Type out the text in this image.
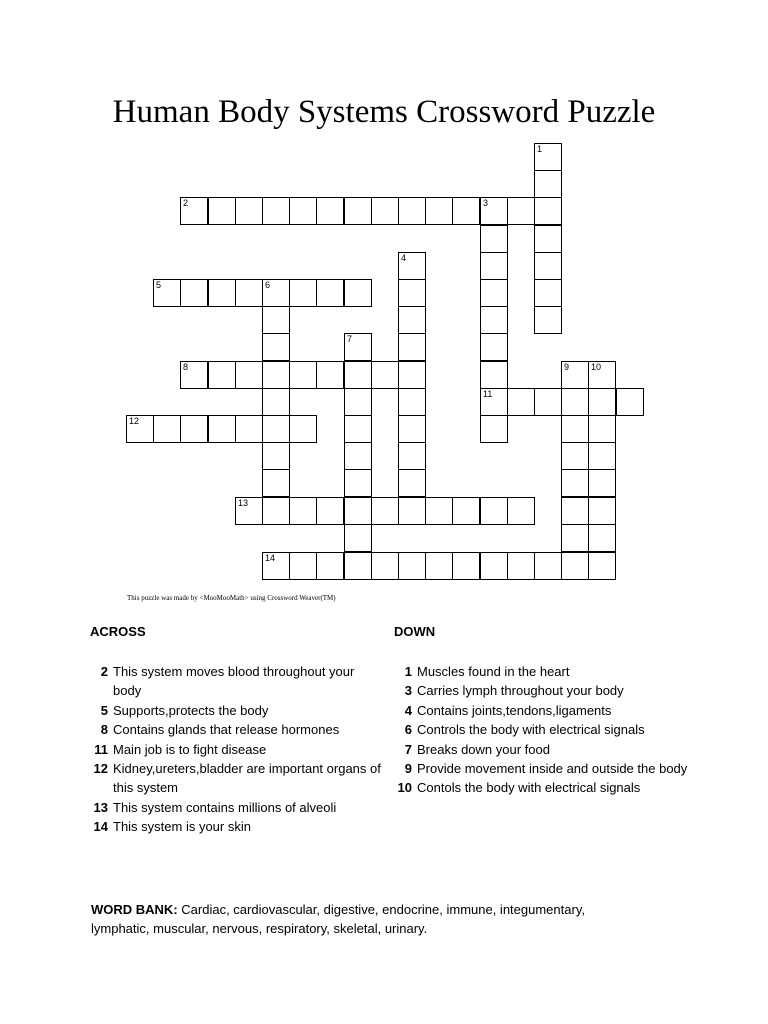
Human Body Systems Crossword Puzzle
1
2	3
11
4
5	6
7
8	9 10
12
13
14
This puzzle was made by <MooMooMath> using Crossword Weaver(TM)
ACROSS	DOWN
2 This system moves blood throughout your body
5 Supports,protects the body
8 Contains glands that release hormones
11 Main job is to fight disease
12 Kidney,ureters,bladder are important organs of this system
13 This system contains millions of alveoli
14 This system is your skin
1 Muscles found in the heart
3 Carries lymph throughout your body
4 Contains joints,tendons,ligaments
6 Controls the body with electrical signals
7 Breaks down your food
9 Provide movement inside and outside the body
10 Contols the body with electrical signals
WORD BANK: Cardiac, cardiovascular, digestive, endocrine, immune, integumentary, lymphatic, muscular, nervous, respiratory, skeletal, urinary.
